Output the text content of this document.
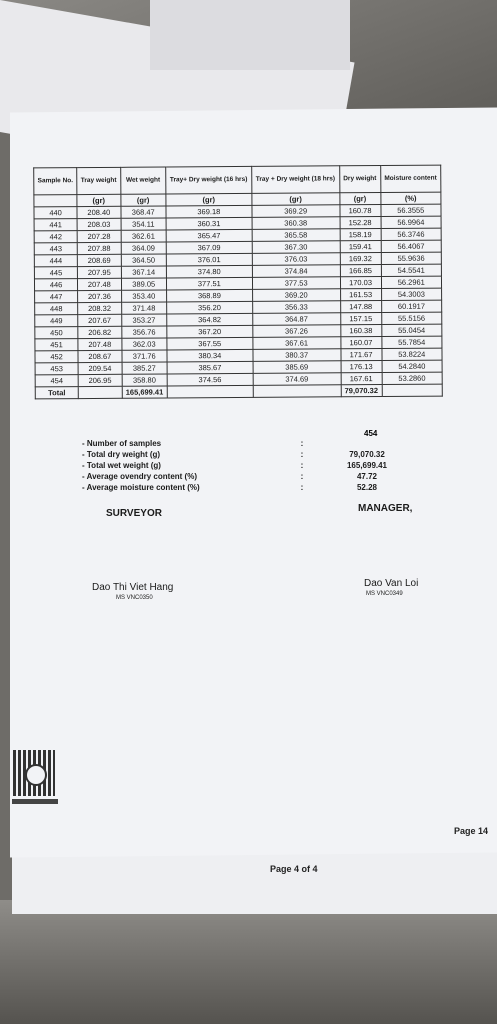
Sample No.	Tray weight	Wet weight	Tray+ Dry weight (16 hrs)	Tray + Dry weight (18 hrs)	Dry weight	Moisture content
	(gr)	(gr)	(gr)	(gr)	(gr)	(%)
440	208.40	368.47	369.18	369.29	160.78	56.3555
441	208.03	354.11	360.31	360.38	152.28	56.9964
442	207.28	362.61	365.47	365.58	158.19	56.3746
443	207.88	364.09	367.09	367.30	159.41	56.4067
444	208.69	364.50	376.01	376.03	169.32	55.9636
445	207.95	367.14	374.80	374.84	166.85	54.5541
446	207.48	389.05	377.51	377.53	170.03	56.2961
447	207.36	353.40	368.89	369.20	161.53	54.3003
448	208.32	371.48	356.20	356.33	147.88	60.1917
449	207.67	353.27	364.82	364.87	157.15	55.5156
450	206.82	356.76	367.20	367.26	160.38	55.0454
451	207.48	362.03	367.55	367.61	160.07	55.7854
452	208.67	371.76	380.34	380.37	171.67	53.8224
453	209.54	385.27	385.67	385.69	176.13	54.2840
454	206.95	358.80	374.56	374.69	167.61	53.2860
Total		165,699.41			79,070.32	
454
- Number of samples	:
- Total dry weight (g)	:	79,070.32
- Total wet weight (g)	:	165,699.41
- Average ovendry content (%)	:	47.72
- Average moisture content (%)	:	52.28
SURVEYOR	MANAGER,
Dao Thi Viet Hang
MS VNC0350
Dao Van Loi
MS VNC0349
Page 14
Page 4 of 4
